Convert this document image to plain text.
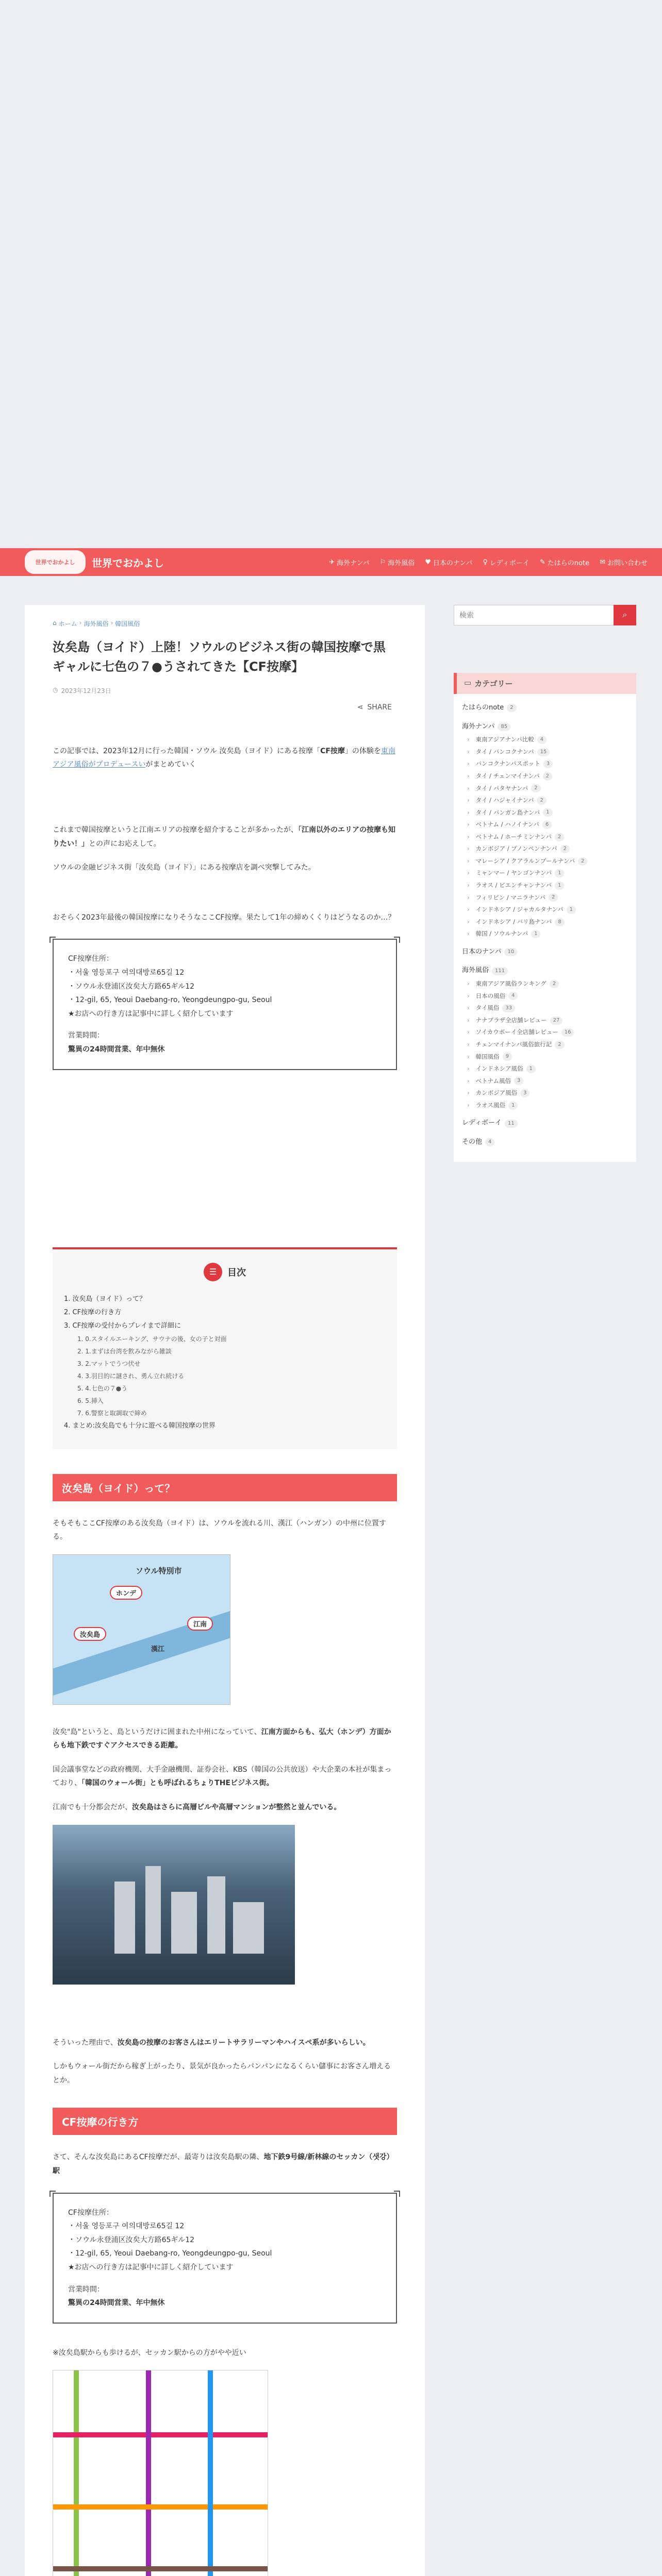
世界でおかよし 世界でおかよし	✈ 海外ナンパ ⚐ 海外風俗 ♥ 日本のナンパ ♀ レディボーイ ✎ たはらのnote ✉ お問い合わせ
⌂ ホーム › 海外風俗 › 韓国風俗
汝矣島（ヨイド）上陸！ソウルのビジネス街の韓国按摩で黒ギャルに七色の７●うされてきた【CF按摩】
◷ 2023年12月23日
⋖ SHARE

この記事では、2023年12月に行った韓国・ソウル 汝矣島（ヨイド）にある按摩「CF按摩」の体験を東南アジア風俗がプロデュースいがまとめていく

これまで韓国按摩というと江南エリアの按摩を紹介することが多かったが、「江南以外のエリアの按摩も知りたい！」との声にお応えして。

ソウルの金融ビジネス街「汝矣島（ヨイド）」にある按摩店を調べ突撃してみた。

おそらく2023年最後の韓国按摩になりそうなここCF按摩。果たして1年の締めくくりはどうなるのか…？

CF按摩住所：
・서울 영등포구 여의대방로65길 12
・ソウル永登浦区汝矣大方路65ギル12
・12-gil, 65, Yeoui Daebang-ro, Yeongdeungpo-gu, Seoul
★お店への行き方は記事中に詳しく紹介しています
営業時間：
驚異の24時間営業、年中無休
☰	目次
1. 汝矣島（ヨイド）って？
2. CF按摩の行き方
3. CF按摩の受付からプレイまで詳細に
1. 0.スタイルエーキング、サウナの後、女の子と対面
2. 1.まずは台湾を飲みながら雑談
3. 2.マットでうつ伏せ
4. 3.羽目的に謎され、勇ん立れ続ける
5. 4.七色の７●う
6. 5.挿入
7. 6.警察と取調取で締め
4. まとめ:汝矣島でも十分に遊べる韓国按摩の世界
汝矣島（ヨイド）って？

そもそもここCF按摩のある汝矣島（ヨイド）は、ソウルを流れる川、漢江（ハンガン）の中州に位置する。

ソウル特別市
汝矣島
江南
漢江
ホンデ

汝矣"島"というと、島というだけに囲まれた中州になっていて、江南方面からも、弘大（ホンデ）方面からも地下鉄ですぐアクセスできる距離。

国会議事堂などの政府機関、大手金融機関、証券会社、KBS（韓国の公共放送）や大企業の本社が集まっており、「韓国のウォール街」とも呼ばれるちょりTHEビジネス街。

江南でも十分都会だが、汝矣島はさらに高層ビルや高層マンションが整然と並んでいる。

そういった理由で、汝矣島の按摩のお客さんはエリートサラリーマンやハイスペ系が多いらしい。

しかもウォール街だから稼ぎ上がったり、景気が良かったらパンパンになるくらい儲事にお客さん増えるとか。

CF按摩の行き方

さて、そんな汝矣島にあるCF按摩だが、最寄りは汝矣島駅の隣、地下鉄9号線/新林線のセッカン（샛강）駅

CF按摩住所：
・서울 영등포구 여의대방로65길 12
・ソウル永登浦区汝矣大方路65ギル12
・12-gil, 65, Yeoui Daebang-ro, Yeongdeungpo-gu, Seoul
★お店への行き方は記事中に詳しく紹介しています
営業時間：
驚異の24時間営業、年中無休

※汝矣島駅からも歩けるが、セッカン駅からの方がやや近い

検索
⌕
▭ カテゴリー
たはらのnote	2
海外ナンパ	85
› 東南アジアナンパ比較	4
› タイ / バンコクナンパ	15
› バンコクナンパスポット	3
› タイ / チェンマイナンパ	2
› タイ / パタヤナンパ	2
› タイ / ハジャイナンパ	2
› タイ / パンガン島ナンパ	1
› ベトナム / ハノイナンパ	6
› ベトナム / ホーチミンナンパ	2
› カンボジア / プノンペンナンパ	2
› マレーシア / クアラルンプールナンパ	2
› ミャンマー / ヤンゴンナンパ	1
› ラオス / ビエンチャンナンパ	1
› フィリピン / マニラナンパ	2
› インドネシア / ジャカルタナンパ	1
› インドネシア / バリ島ナンパ	8
› 韓国 / ソウルナンパ	1
日本のナンパ	10
海外風俗	111
› 東南アジア風俗ランキング	2
› 日本の風俗	4
› タイ風俗	33
› ナナプラザ全店舗レビュー	27
› ソイカウボーイ全店舗レビュー	16
› チェンマイナンパ風俗旅行記	2
› 韓国風俗	9
› インドネシア風俗	1
› ベトナム風俗	3
› カンボジア風俗	3
› ラオス風俗	1
レディボーイ	11
その他	4
